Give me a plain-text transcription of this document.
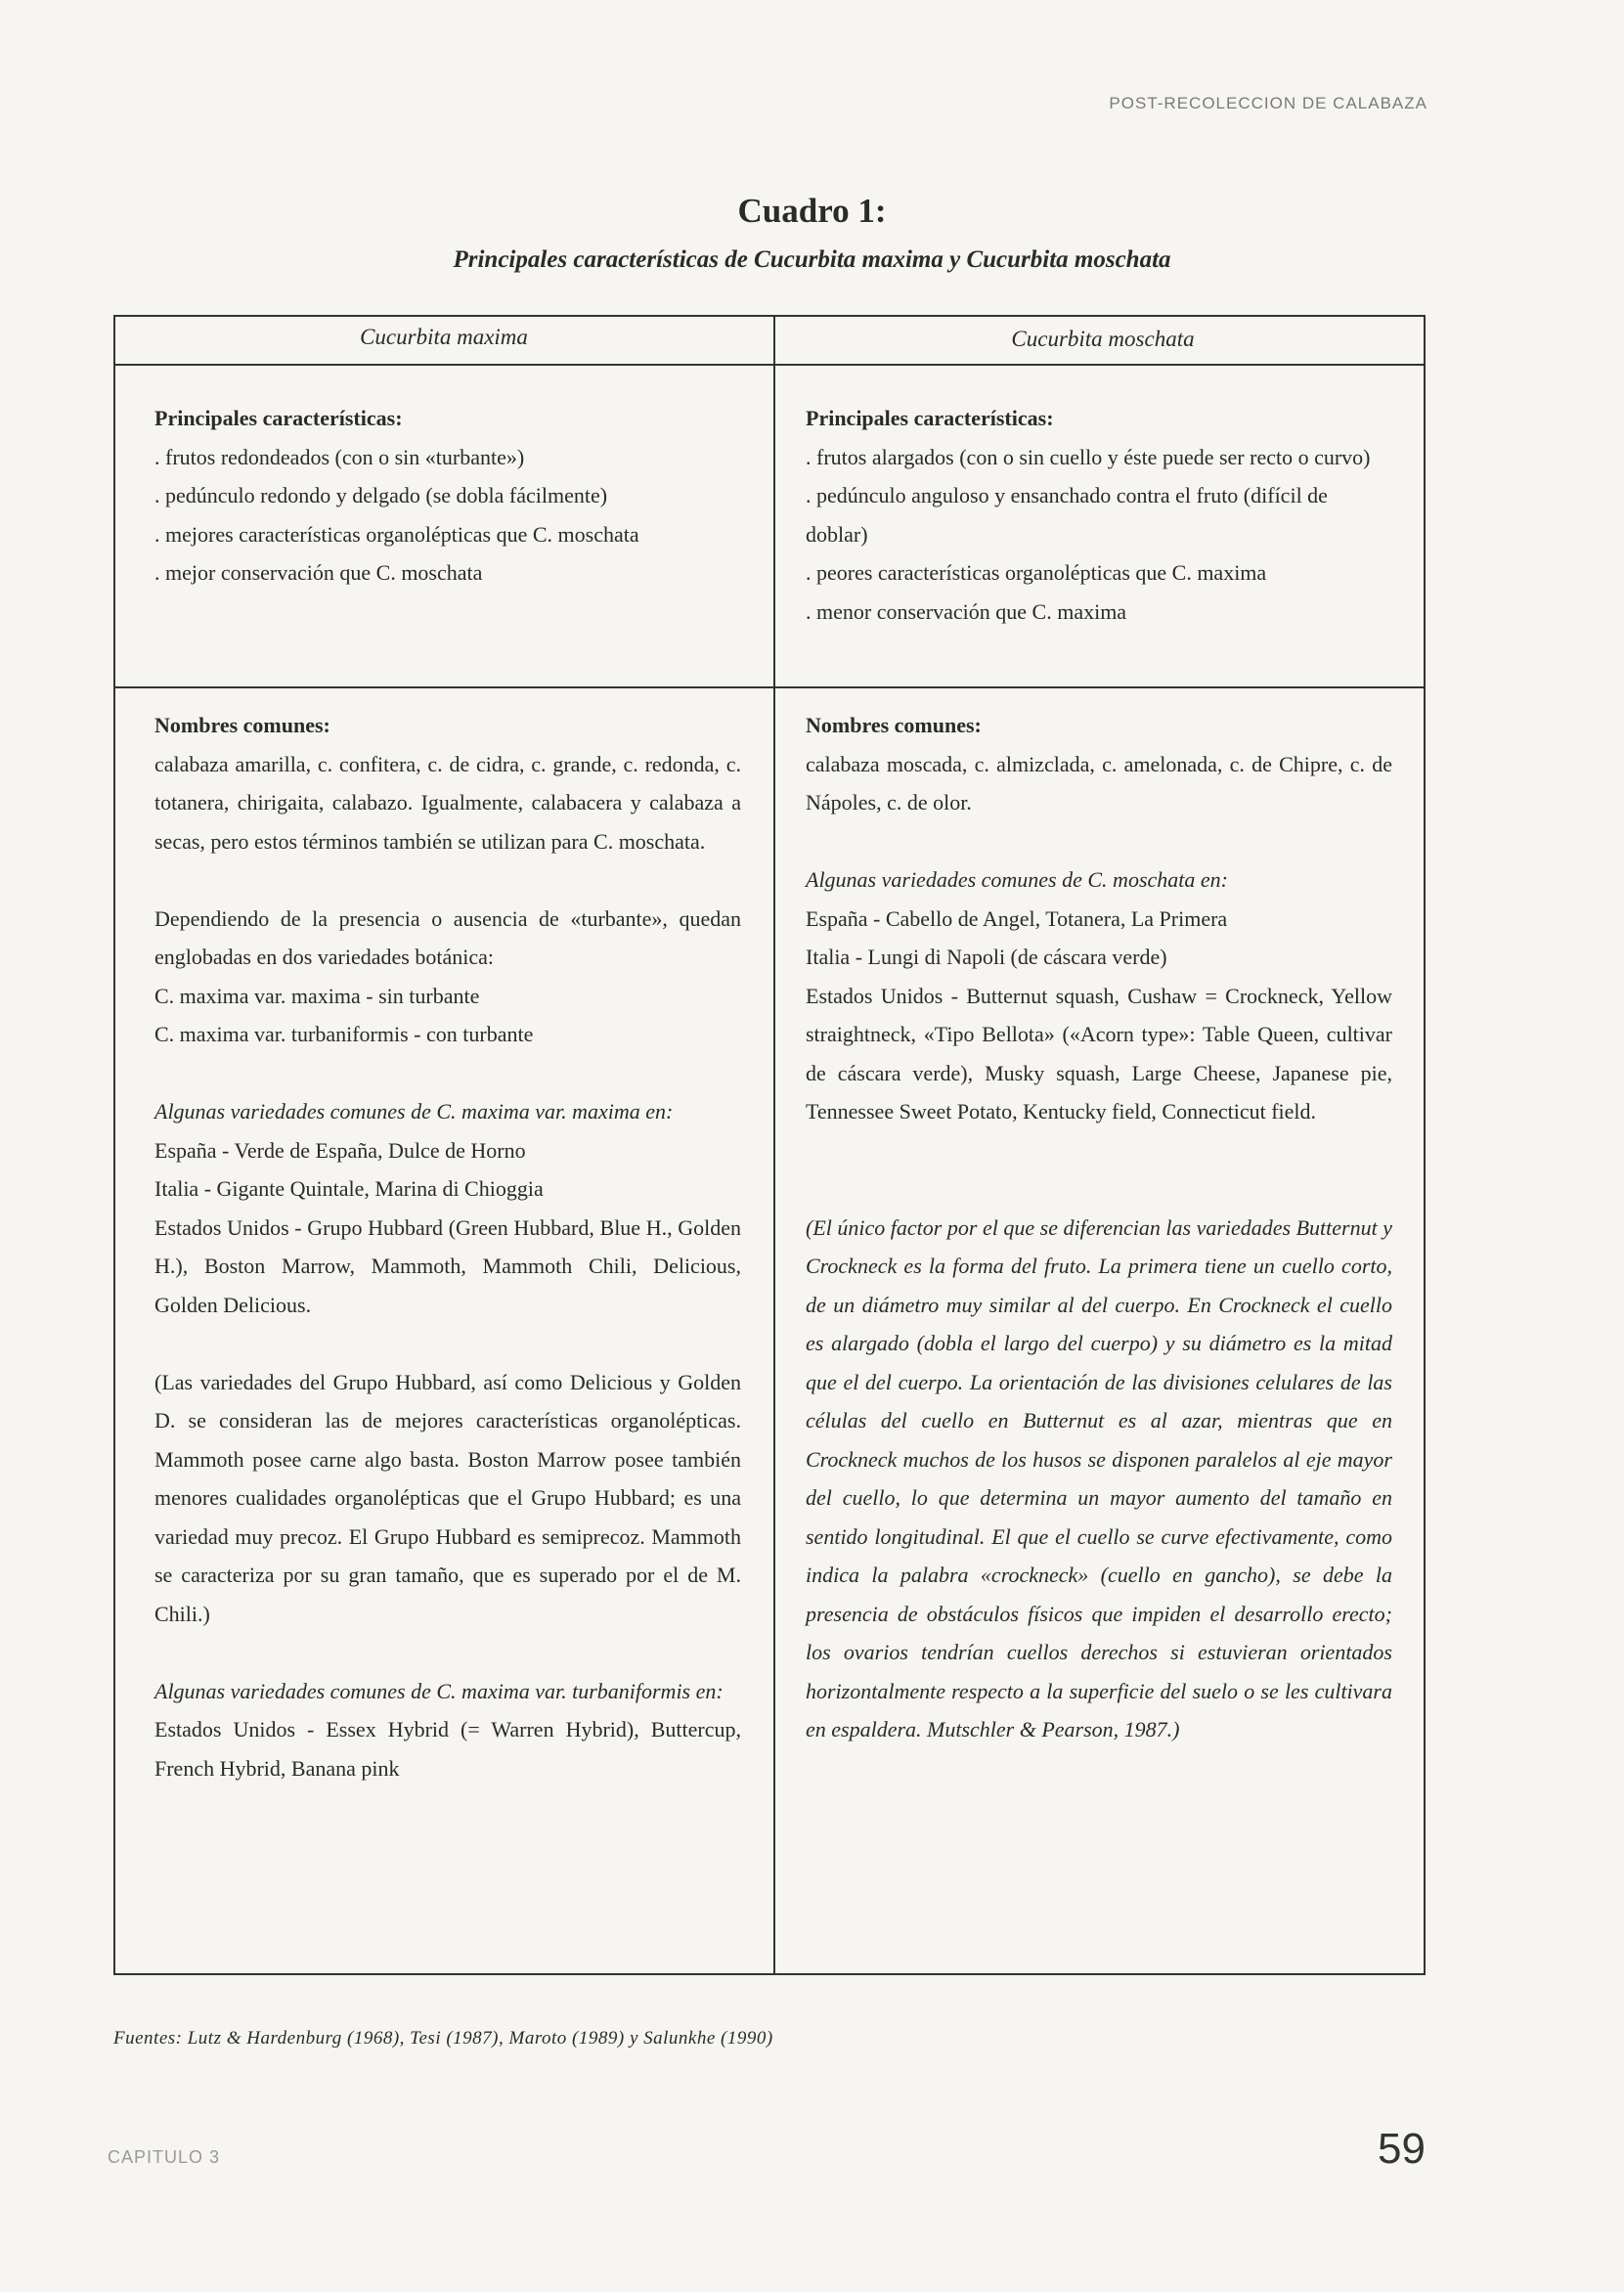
POST-RECOLECCION DE CALABAZA
Cuadro 1:
Principales características de Cucurbita maxima y Cucurbita moschata
Cucurbita maxima	Cucurbita moschata

Principales características:

. frutos redondeados (con o sin «turbante»)

. pedúnculo redondo y delgado (se dobla fácilmente)

. mejores características organolépticas que C. moschata

. mejor conservación que C. moschata

Principales características:

. frutos alargados (con o sin cuello y éste puede ser recto o curvo)

. pedúnculo anguloso y ensanchado contra el fruto (difícil de doblar)

. peores características organolépticas que C. maxima

. menor conservación que C. maxima

Nombres comunes:

calabaza amarilla, c. confitera, c. de cidra, c. grande, c. redonda, c. totanera, chirigaita, calabazo. Igualmente, calabacera y calabaza a secas, pero estos términos también se utilizan para C. moschata.

Dependiendo de la presencia o ausencia de «turbante», quedan englobadas en dos variedades botánica:

C. maxima var. maxima - sin turbante

C. maxima var. turbaniformis - con turbante

Algunas variedades comunes de C. maxima var. maxima en:

España - Verde de España, Dulce de Horno

Italia - Gigante Quintale, Marina di Chioggia

Estados Unidos - Grupo Hubbard (Green Hubbard, Blue H., Golden H.), Boston Marrow, Mammoth, Mammoth Chili, Delicious, Golden Delicious.

(Las variedades del Grupo Hubbard, así como Delicious y Golden D. se consideran las de mejores características organolépticas. Mammoth posee carne algo basta. Boston Marrow posee también menores cualidades organolépticas que el Grupo Hubbard; es una variedad muy precoz. El Grupo Hubbard es semiprecoz. Mammoth se caracteriza por su gran tamaño, que es superado por el de M. Chili.)

Algunas variedades comunes de C. maxima var. turbaniformis en:

Estados Unidos - Essex Hybrid (= Warren Hybrid), Buttercup, French Hybrid, Banana pink

Nombres comunes:

calabaza moscada, c. almizclada, c. amelonada, c. de Chipre, c. de Nápoles, c. de olor.

Algunas variedades comunes de C. moschata en:

España - Cabello de Angel, Totanera, La Primera

Italia - Lungi di Napoli (de cáscara verde)

Estados Unidos - Butternut squash, Cushaw = Crockneck, Yellow straightneck, «Tipo Bellota» («Acorn type»: Table Queen, cultivar de cáscara verde), Musky squash, Large Cheese, Japanese pie, Tennessee Sweet Potato, Kentucky field, Connecticut field.

(El único factor por el que se diferencian las variedades Butternut y Crockneck es la forma del fruto. La primera tiene un cuello corto, de un diámetro muy similar al del cuerpo. En Crockneck el cuello es alargado (dobla el largo del cuerpo) y su diámetro es la mitad que el del cuerpo. La orientación de las divisiones celulares de las células del cuello en Butternut es al azar, mientras que en Crockneck muchos de los husos se disponen paralelos al eje mayor del cuello, lo que determina un mayor aumento del tamaño en sentido longitudinal. El que el cuello se curve efectivamente, como indica la palabra «crockneck» (cuello en gancho), se debe la presencia de obstáculos físicos que impiden el desarrollo erecto; los ovarios tendrían cuellos derechos si estuvieran orientados horizontalmente respecto a la superficie del suelo o se les cultivara en espaldera. Mutschler & Pearson, 1987.)

Fuentes: Lutz & Hardenburg (1968), Tesi (1987), Maroto (1989) y Salunkhe (1990)
CAPITULO 3	59
